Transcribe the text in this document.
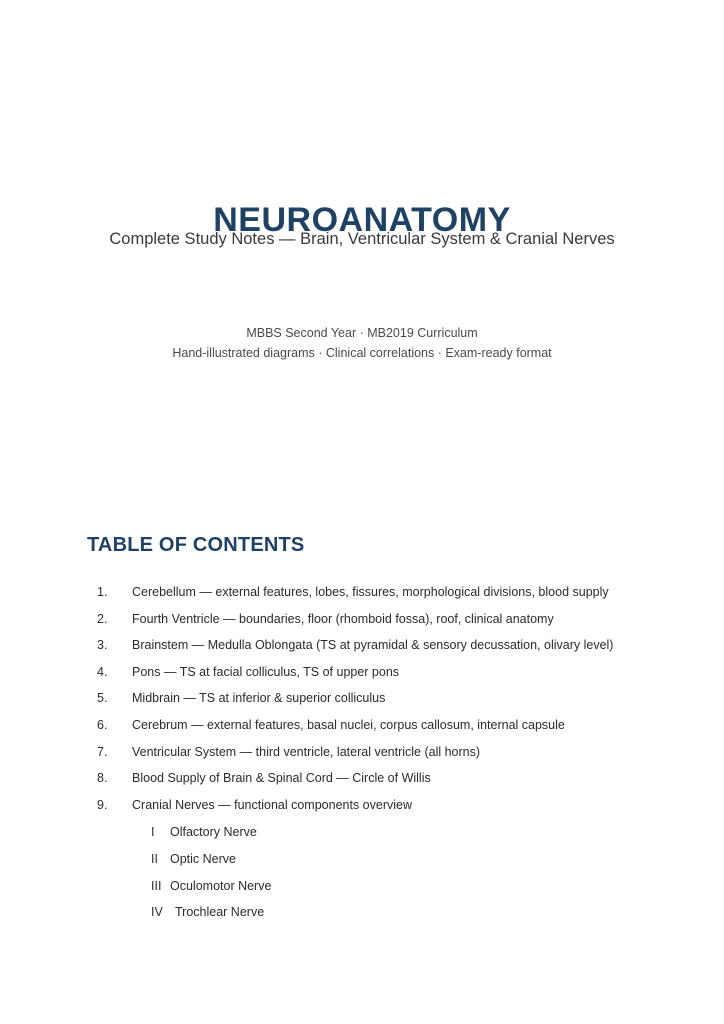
NEUROANATOMY
Complete Study Notes — Brain, Ventricular System & Cranial Nerves
MBBS Second Year · MB2019 Curriculum
Hand-illustrated diagrams · Clinical correlations · Exam-ready format
TABLE OF CONTENTS
1. Cerebellum — external features, lobes, fissures, morphological divisions, blood supply
2. Fourth Ventricle — boundaries, floor (rhomboid fossa), roof, clinical anatomy
3. Brainstem — Medulla Oblongata (TS at pyramidal & sensory decussation, olivary level)
4. Pons — TS at facial colliculus, TS of upper pons
5. Midbrain — TS at inferior & superior colliculus
6. Cerebrum — external features, basal nuclei, corpus callosum, internal capsule
7. Ventricular System — third ventricle, lateral ventricle (all horns)
8. Blood Supply of Brain & Spinal Cord — Circle of Willis
9. Cranial Nerves — functional components overview
I Olfactory Nerve
II Optic Nerve
III Oculomotor Nerve
IV Trochlear Nerve
